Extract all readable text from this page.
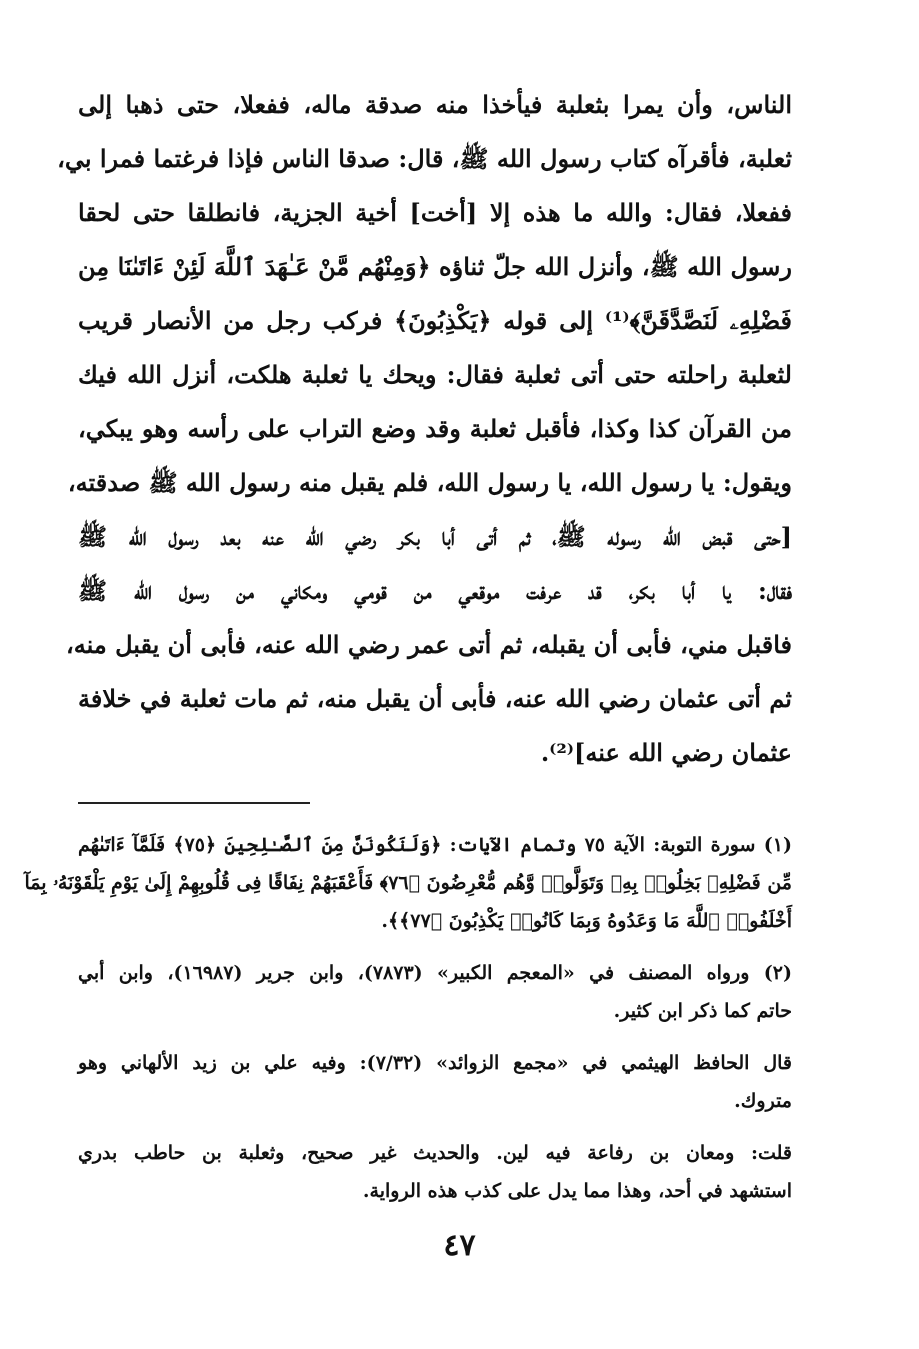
الناس، وأن يمرا بثعلبة فيأخذا منه صدقة ماله، ففعلا، حتى ذهبا إلى
ثعلبة، فأقرآه كتاب رسول الله ﷺ، قال: صدقا الناس فإذا فرغتما فمرا بي،
ففعلا، فقال: والله ما هذه إلا [أخت] أخية الجزية، فانطلقا حتى لحقا
رسول الله ﷺ، وأنزل الله جلّ ثناؤه ﴿وَمِنْهُم مَّنْ عَـٰهَدَ ٱللَّهَ لَئِنْ ءَاتَىٰنَا مِن
فَضْلِهِۦ لَنَصَّدَّقَنَّ﴾⁽¹⁾ إلى قوله ﴿يَكْذِبُونَ﴾ فركب رجل من الأنصار قريب
لثعلبة راحلته حتى أتى ثعلبة فقال: ويحك يا ثعلبة هلكت، أنزل الله فيك
من القرآن كذا وكذا، فأقبل ثعلبة وقد وضع التراب على رأسه وهو يبكي،
ويقول: يا رسول الله، يا رسول الله، فلم يقبل منه رسول الله ﷺ صدقته،
[حتى قبض الله رسوله ﷺ، ثم أتى أبا بكر رضي الله عنه بعد رسول الله ﷺ
فقال: يا أبا بكر، قد عرفت موقعي من قومي ومكاني من رسول الله ﷺ
فاقبل مني، فأبى أن يقبله، ثم أتى عمر رضي الله عنه، فأبى أن يقبل منه،
ثم أتى عثمان رضي الله عنه، فأبى أن يقبل منه، ثم مات ثعلبة في خلافة
عثمان رضي الله عنه]⁽²⁾.
(١) سورة التوبة: الآية ٧٥ وتمام الآيات: ﴿وَلَنَكُونَنَّ مِنَ ٱلصَّـٰلِحِينَ ﴿٧٥﴾ فَلَمَّآ ءَاتَىٰهُم
مِّن فَضْلِهِۦ بَخِلُوا۟ بِهِۦ وَتَوَلَّوا۟ وَّهُم مُّعْرِضُونَ ﴿٧٦﴾ فَأَعْقَبَهُمْ نِفَاقًا فِى قُلُوبِهِمْ إِلَىٰ يَوْمِ يَلْقَوْنَهُۥ بِمَآ
أَخْلَفُوا۟ ٱللَّهَ مَا وَعَدُوهُ وَبِمَا كَانُوا۟ يَكْذِبُونَ ﴿٧٧﴾﴾.
(٢) ورواه المصنف في «المعجم الكبير» (٧٨٧٣)، وابن جرير (١٦٩٨٧)، وابن أبي
حاتم كما ذكر ابن كثير.
قال الحافظ الهيثمي في «مجمع الزوائد» (٧/٣٢): وفيه علي بن زيد الألهاني وهو
متروك.
قلت: ومعان بن رفاعة فيه لين. والحديث غير صحيح، وثعلبة بن حاطب بدري
استشهد في أحد، وهذا مما يدل على كذب هذه الرواية.
٤٧
